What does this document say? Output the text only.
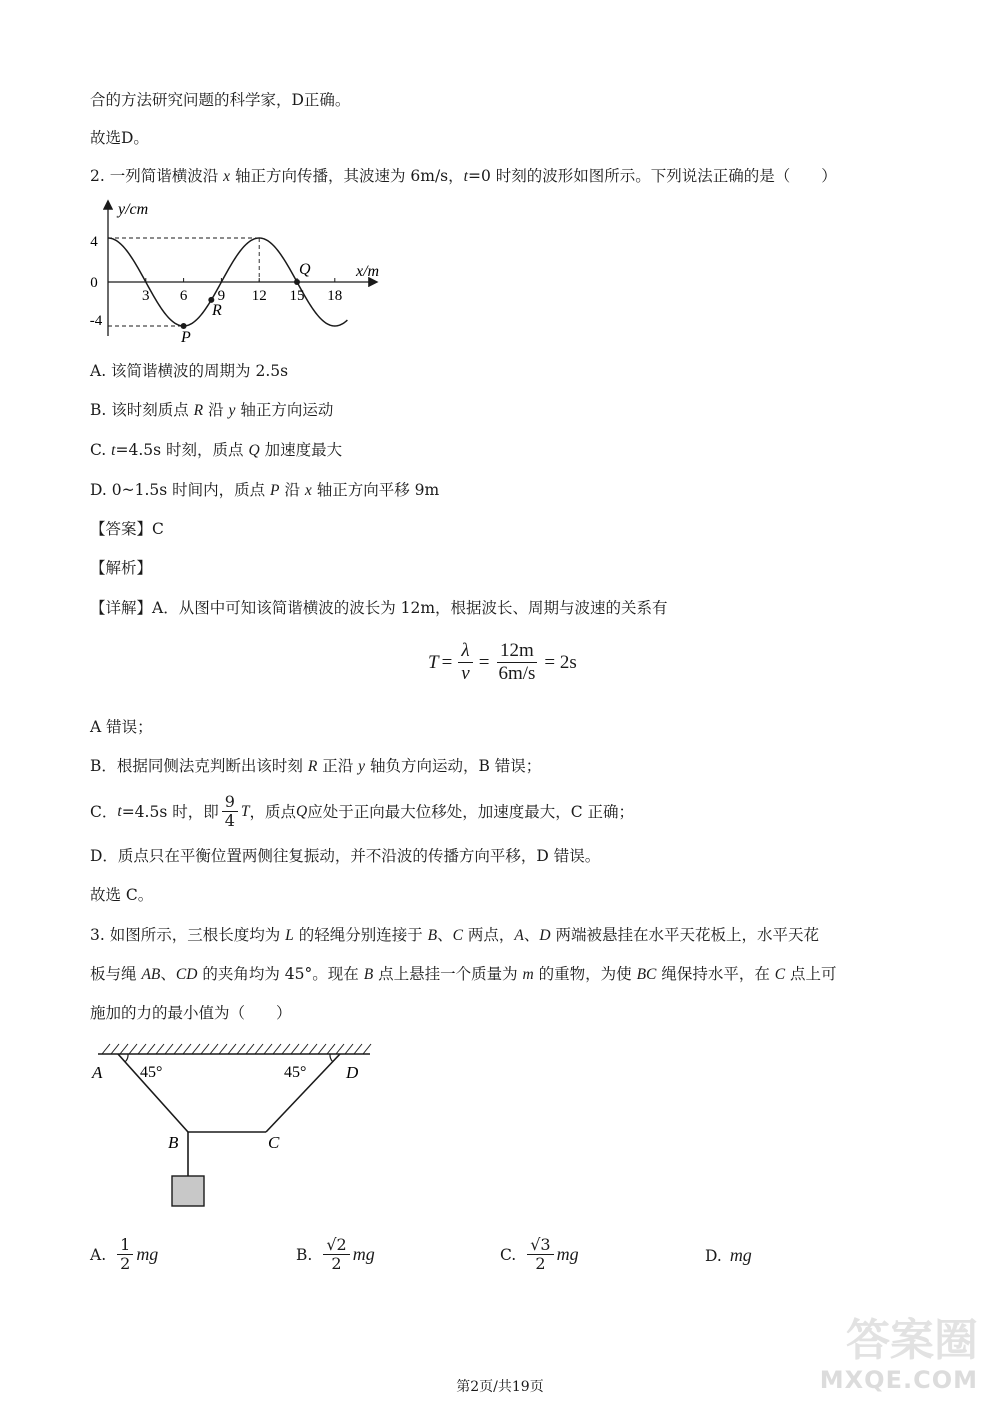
合的方法研究问题的科学家，D正确。
故选D。
2. 一列简谐横波沿 x 轴正方向传播，其波速为 6m/s，t=0 时刻的波形如图所示。下列说法正确的是（　　）
y/cm
x/m
4
0
-4
3 6 9 12 15 18
P
R
Q
A. 该简谐横波的周期为 2.5s
B. 该时刻质点 R 沿 y 轴正方向运动
C. t=4.5s 时刻，质点 Q 加速度最大
D. 0~1.5s 时间内，质点 P 沿 x 轴正方向平移 9m
【答案】C
【解析】
【详解】A．从图中可知该简谐横波的波长为 12m，根据波长、周期与波速的关系有
$T = \frac{\lambda}{v} = \frac{12m}{6m/s} = 2s$
A 错误；
B．根据同侧法克判断出该时刻 R 正沿 y 轴负方向运动，B 错误；
C． t =4.5s 时，即 $\frac{9}{4}$ T ，质点 Q 应处于正向最大位移处，加速度最大，C 正确；
D．质点只在平衡位置两侧往复振动，并不沿波的传播方向平移，D 错误。
故选 C。
3. 如图所示，三根长度均为 L 的轻绳分别连接于 B、C 两点，A、D 两端被悬挂在水平天花板上，水平天花
板与绳 AB、CD 的夹角均为 45°。现在 B 点上悬挂一个质量为 m 的重物，为使 BC 绳保持水平，在 C 点上可
施加的力的最小值为（　　）
A	D
B	C
45°	45°
A. $\frac{1}{2}$ mg	B. $\frac{√2}{2}$ mg	C. $\frac{√3}{2}$ mg	D. mg
答案圈
MXQE.COM
第2页/共19页
